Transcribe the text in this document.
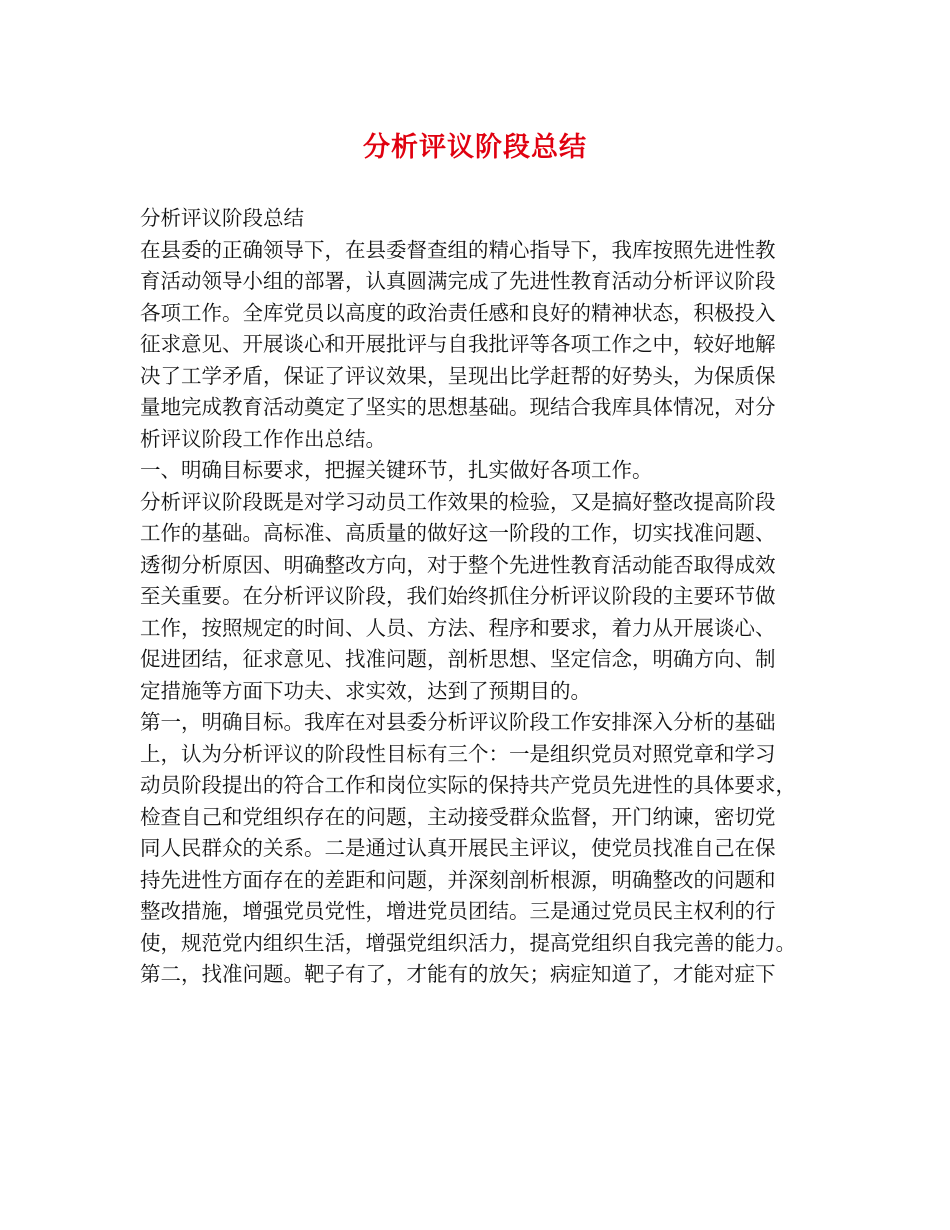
分析评议阶段总结
分析评议阶段总结
在县委的正确领导下，在县委督查组的精心指导下，我库按照先进性教
育活动领导小组的部署，认真圆满完成了先进性教育活动分析评议阶段
各项工作。全库党员以高度的政治责任感和良好的精神状态，积极投入
征求意见、开展谈心和开展批评与自我批评等各项工作之中，较好地解
决了工学矛盾，保证了评议效果，呈现出比学赶帮的好势头，为保质保
量地完成教育活动奠定了坚实的思想基础。现结合我库具体情况，对分
析评议阶段工作作出总结。
一、明确目标要求，把握关键环节，扎实做好各项工作。
分析评议阶段既是对学习动员工作效果的检验，又是搞好整改提高阶段
工作的基础。高标准、高质量的做好这一阶段的工作，切实找准问题、
透彻分析原因、明确整改方向，对于整个先进性教育活动能否取得成效
至关重要。在分析评议阶段，我们始终抓住分析评议阶段的主要环节做
工作，按照规定的时间、人员、方法、程序和要求，着力从开展谈心、
促进团结，征求意见、找准问题，剖析思想、坚定信念，明确方向、制
定措施等方面下功夫、求实效，达到了预期目的。
第一，明确目标。我库在对县委分析评议阶段工作安排深入分析的基础
上，认为分析评议的阶段性目标有三个：一是组织党员对照党章和学习
动员阶段提出的符合工作和岗位实际的保持共产党员先进性的具体要求，
检查自己和党组织存在的问题，主动接受群众监督，开门纳谏，密切党
同人民群众的关系。二是通过认真开展民主评议，使党员找准自己在保
持先进性方面存在的差距和问题，并深刻剖析根源，明确整改的问题和
整改措施，增强党员党性，增进党员团结。三是通过党员民主权利的行
使，规范党内组织生活，增强党组织活力，提高党组织自我完善的能力。
第二，找准问题。靶子有了，才能有的放矢；病症知道了，才能对症下
